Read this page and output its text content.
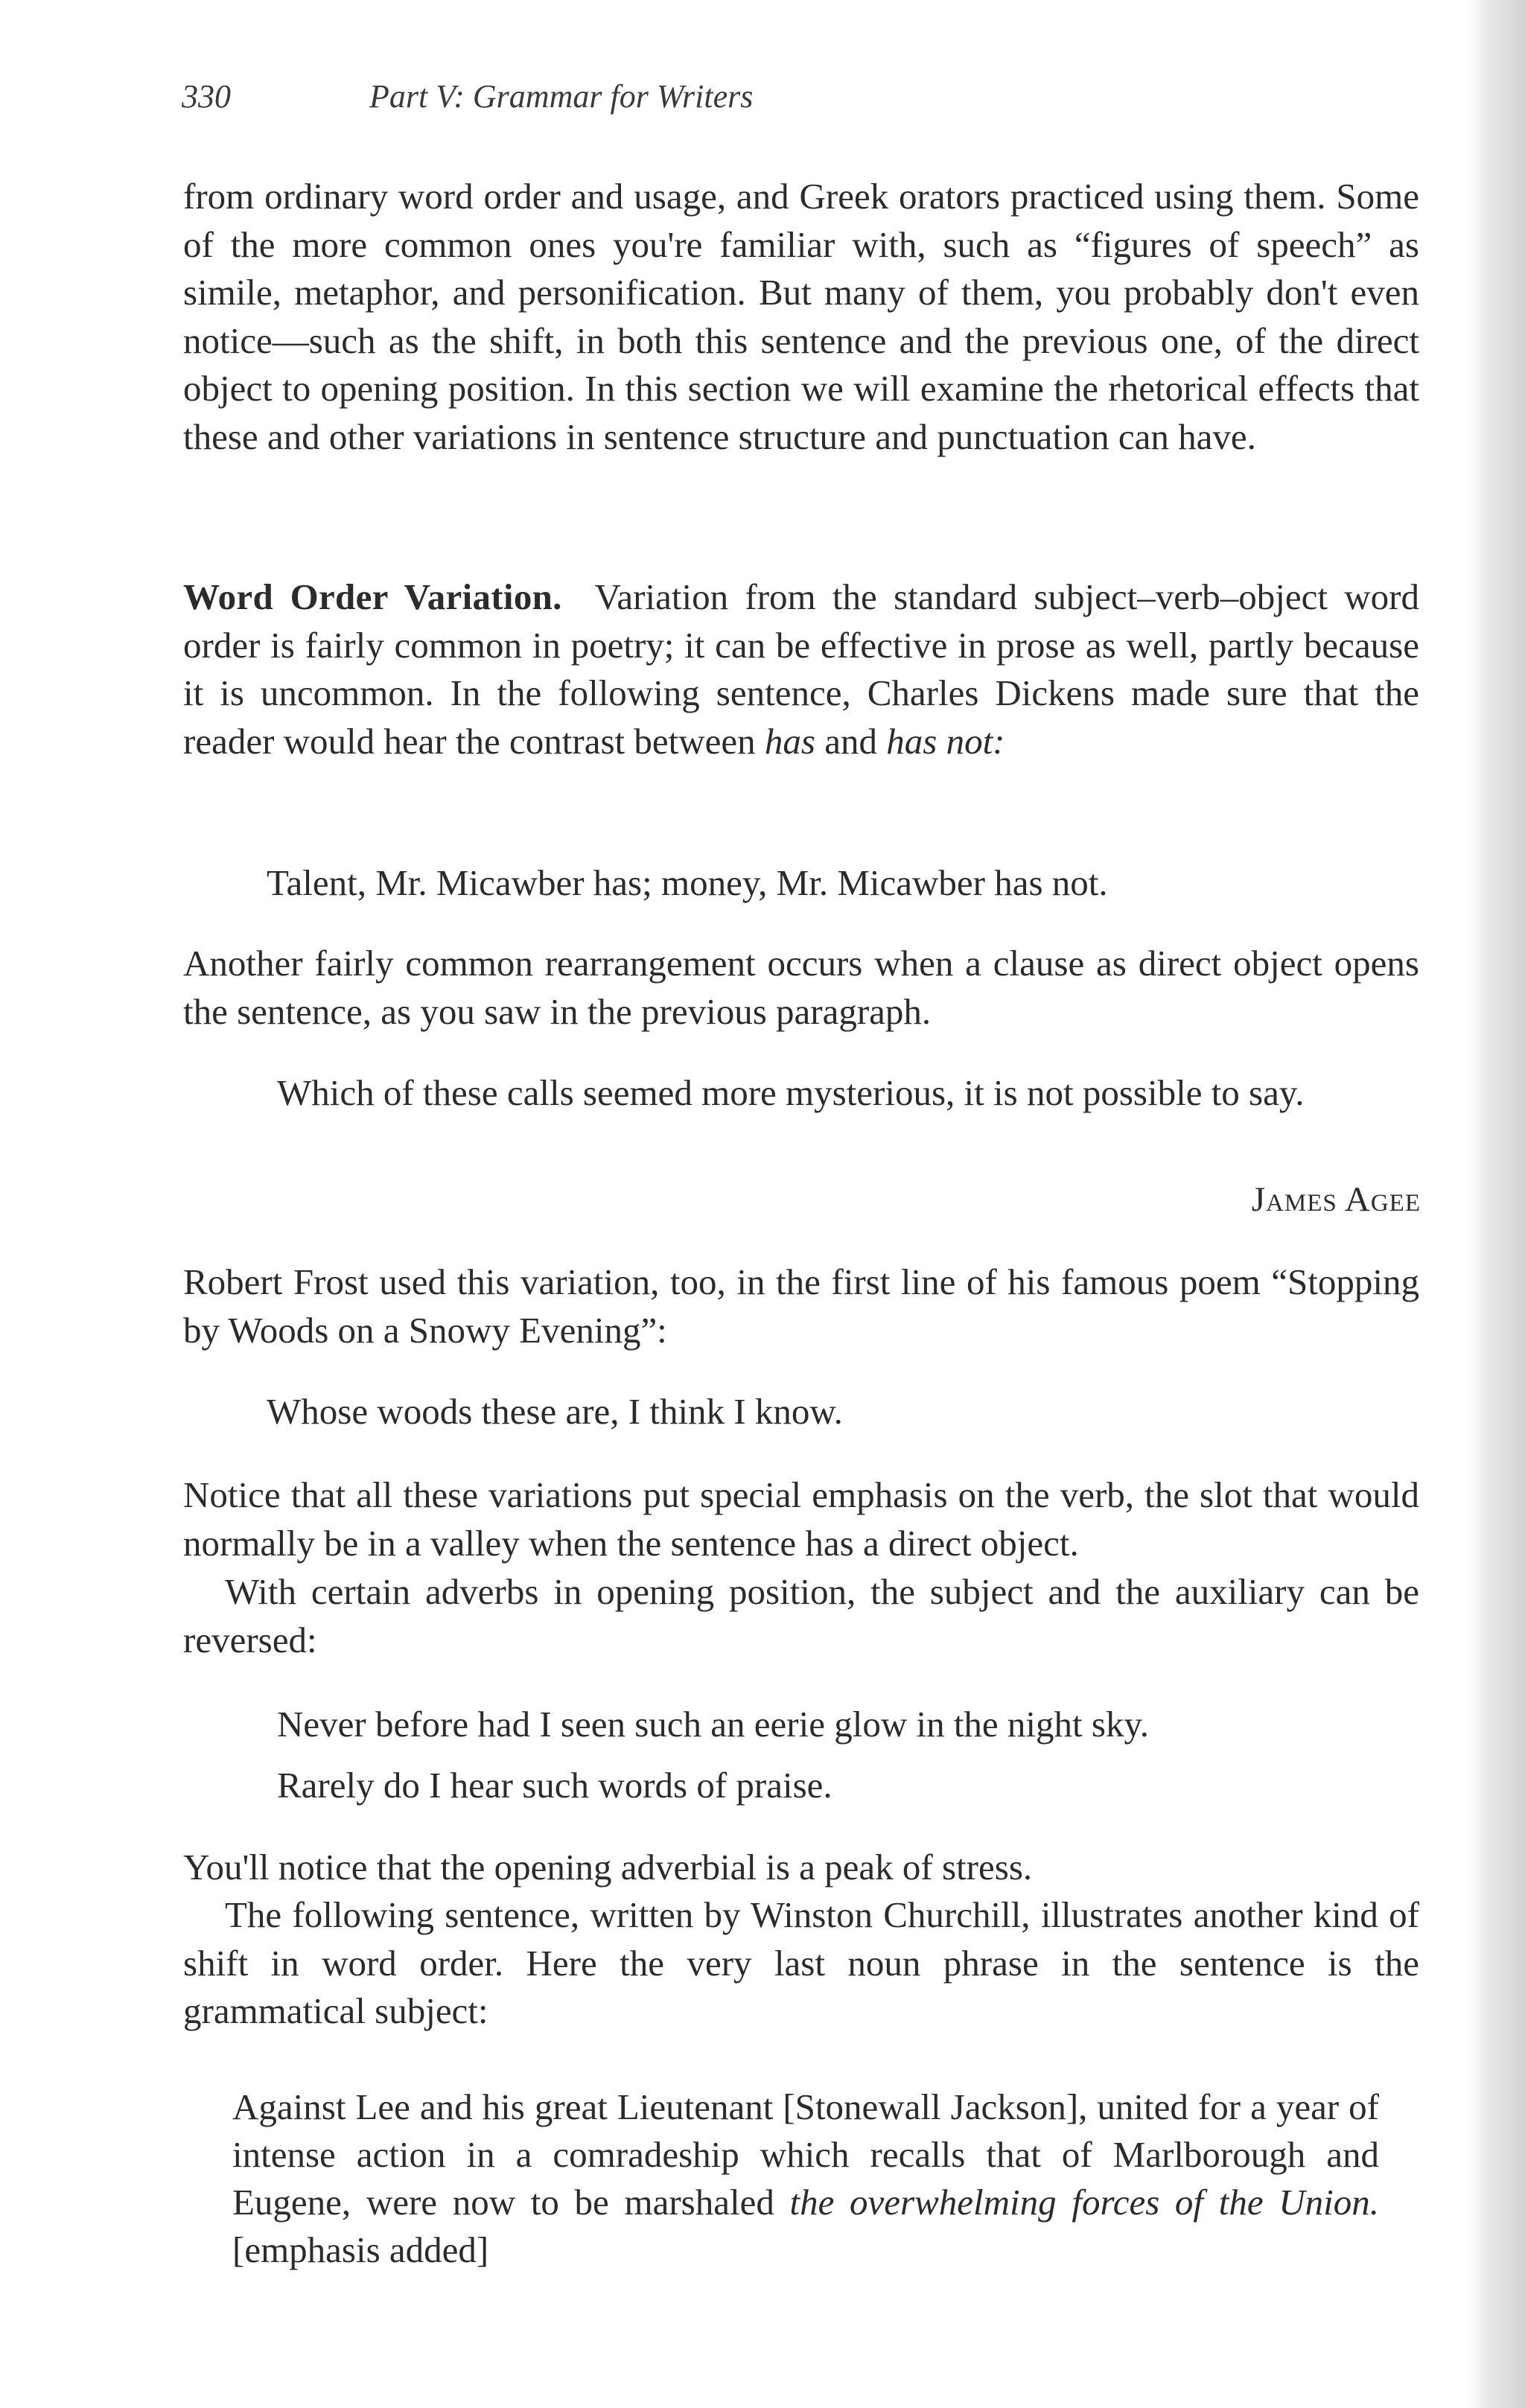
330	Part V: Grammar for Writers
from ordinary word order and usage, and Greek orators practiced using them. Some of the more common ones you're familiar with, such as “figures of speech” as simile, metaphor, and personification. But many of them, you probably don't even notice—such as the shift, in both this sentence and the previous one, of the direct object to opening position. In this section we will examine the rhetorical effects that these and other variations in sentence structure and punctuation can have.
Word Order Variation. Variation from the standard subject–verb–object word order is fairly common in poetry; it can be effective in prose as well, partly because it is uncommon. In the following sentence, Charles Dickens made sure that the reader would hear the contrast between has and has not:
Talent, Mr. Micawber has; money, Mr. Micawber has not.
Another fairly common rearrangement occurs when a clause as direct object opens the sentence, as you saw in the previous paragraph.
Which of these calls seemed more mysterious, it is not possible to say.
James Agee
Robert Frost used this variation, too, in the first line of his famous poem “Stopping by Woods on a Snowy Evening”:
Whose woods these are, I think I know.
Notice that all these variations put special emphasis on the verb, the slot that would normally be in a valley when the sentence has a direct object.
With certain adverbs in opening position, the subject and the auxiliary can be reversed:
Never before had I seen such an eerie glow in the night sky.
Rarely do I hear such words of praise.
You'll notice that the opening adverbial is a peak of stress.
The following sentence, written by Winston Churchill, illustrates another kind of shift in word order. Here the very last noun phrase in the sentence is the grammatical subject:
Against Lee and his great Lieutenant [Stonewall Jackson], united for a year of intense action in a comradeship which recalls that of Marlborough and Eugene, were now to be marshaled the overwhelming forces of the Union. [emphasis added]
